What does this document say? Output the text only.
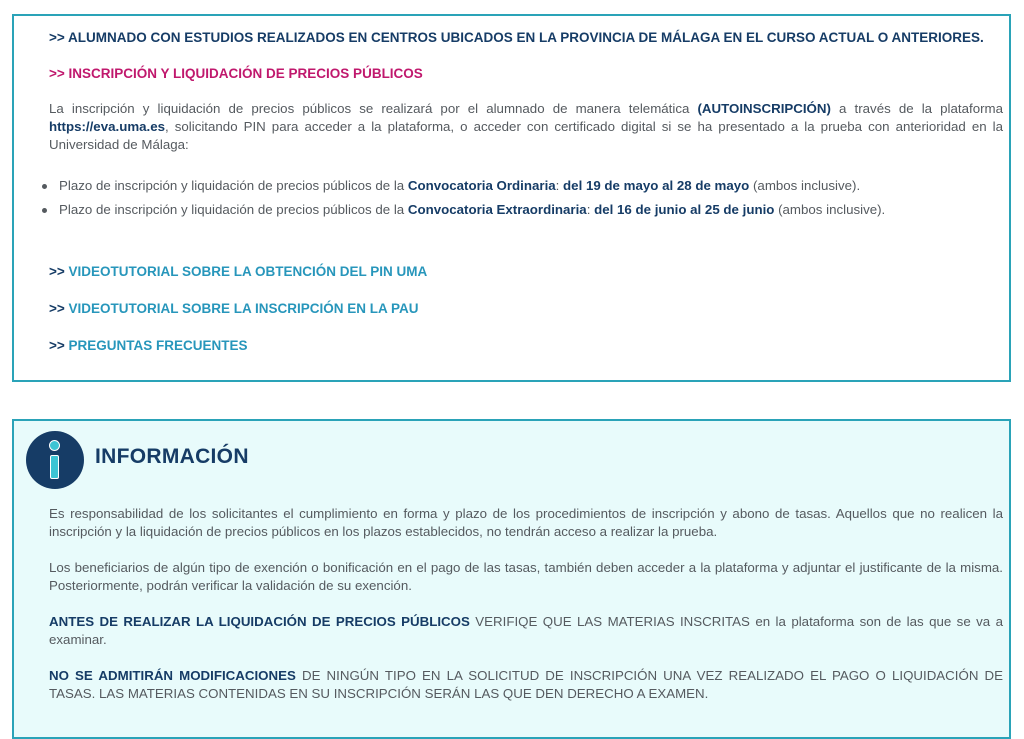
>> ALUMNADO CON ESTUDIOS REALIZADOS EN CENTROS UBICADOS EN LA PROVINCIA DE MÁLAGA EN EL CURSO ACTUAL O ANTERIORES.
>> INSCRIPCIÓN Y LIQUIDACIÓN DE PRECIOS PÚBLICOS

La inscripción y liquidación de precios públicos se realizará por el alumnado de manera telemática (AUTOINSCRIPCIÓN) a través de la plataforma https://eva.uma.es, solicitando PIN para acceder a la plataforma, o acceder con certificado digital si se ha presentado a la prueba con anterioridad en la Universidad de Málaga:

Plazo de inscripción y liquidación de precios públicos de la Convocatoria Ordinaria: del 19 de mayo al 28 de mayo (ambos inclusive).
Plazo de inscripción y liquidación de precios públicos de la Convocatoria Extraordinaria: del 16 de junio al 25 de junio (ambos inclusive).
>> VIDEOTUTORIAL SOBRE LA OBTENCIÓN DEL PIN UMA
>> VIDEOTUTORIAL SOBRE LA INSCRIPCIÓN EN LA PAU
>> PREGUNTAS FRECUENTES
INFORMACIÓN

Es responsabilidad de los solicitantes el cumplimiento en forma y plazo de los procedimientos de inscripción y abono de tasas. Aquellos que no realicen la inscripción y la liquidación de precios públicos en los plazos establecidos, no tendrán acceso a realizar la prueba.

Los beneficiarios de algún tipo de exención o bonificación en el pago de las tasas, también deben acceder a la plataforma y adjuntar el justificante de la misma. Posteriormente, podrán verificar la validación de su exención.

ANTES DE REALIZAR LA LIQUIDACIÓN DE PRECIOS PÚBLICOS VERIFIQE QUE LAS MATERIAS INSCRITAS en la plataforma son de las que se va a examinar.

NO SE ADMITIRÁN MODIFICACIONES DE NINGÚN TIPO EN LA SOLICITUD DE INSCRIPCIÓN UNA VEZ REALIZADO EL PAGO O LIQUIDACIÓN DE TASAS. LAS MATERIAS CONTENIDAS EN SU INSCRIPCIÓN SERÁN LAS QUE DEN DERECHO A EXAMEN.
